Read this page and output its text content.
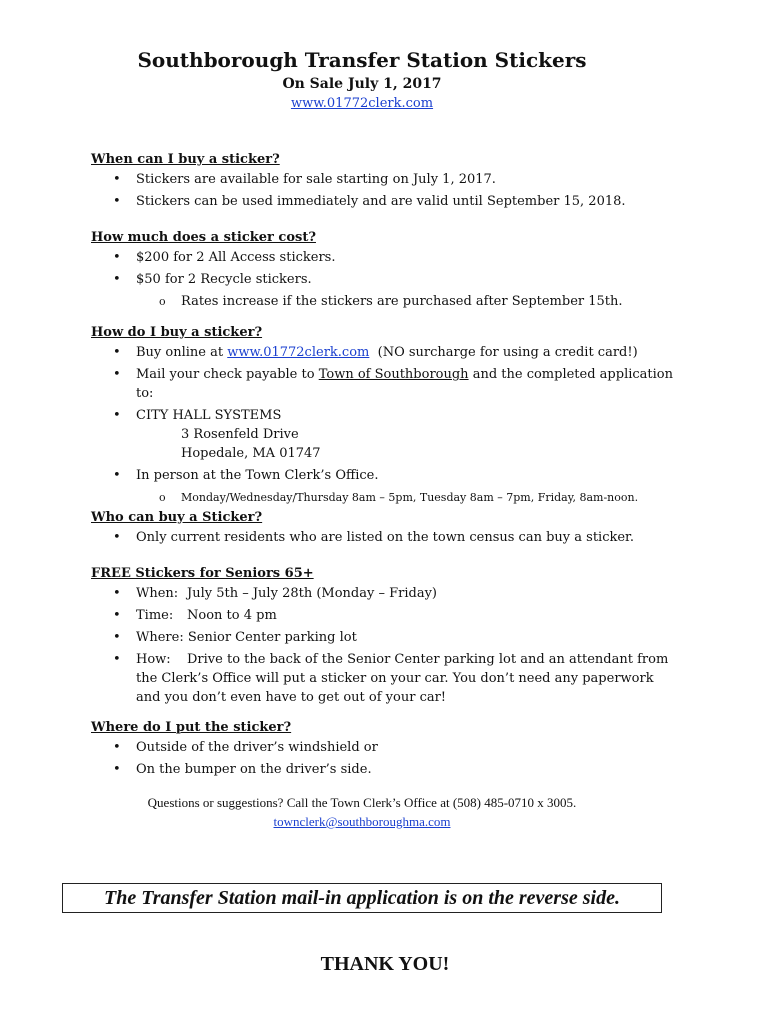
Southborough Transfer Station Stickers
On Sale July 1, 2017
www.01772clerk.com
When can I buy a sticker?
• Stickers are available for sale starting on July 1, 2017.
• Stickers can be used immediately and are valid until September 15, 2018.
How much does a sticker cost?
• $200 for 2 All Access stickers.
• $50 for 2 Recycle stickers.
o Rates increase if the stickers are purchased after September 15th.
How do I buy a sticker?
• Buy online at www.01772clerk.com (NO surcharge for using a credit card!)
• Mail your check payable to Town of Southborough and the completed application to:
• CITY HALL SYSTEMS
3 Rosenfeld Drive
Hopedale, MA 01747
• In person at the Town Clerk’s Office.
o Monday/Wednesday/Thursday 8am – 5pm, Tuesday 8am – 7pm, Friday, 8am-noon.
Who can buy a Sticker?
• Only current residents who are listed on the town census can buy a sticker.
FREE Stickers for Seniors 65+
• When: July 5th – July 28th (Monday – Friday)
• Time: Noon to 4 pm
• Where: Senior Center parking lot
• How: Drive to the back of the Senior Center parking lot and an attendant from the Clerk’s Office will put a sticker on your car. You don’t need any paperwork and you don’t even have to get out of your car!
Where do I put the sticker?
• Outside of the driver’s windshield or
• On the bumper on the driver’s side.
Questions or suggestions? Call the Town Clerk’s Office at (508) 485-0710 x 3005.
townclerk@southboroughma.com
The Transfer Station mail-in application is on the reverse side.
THANK YOU!
